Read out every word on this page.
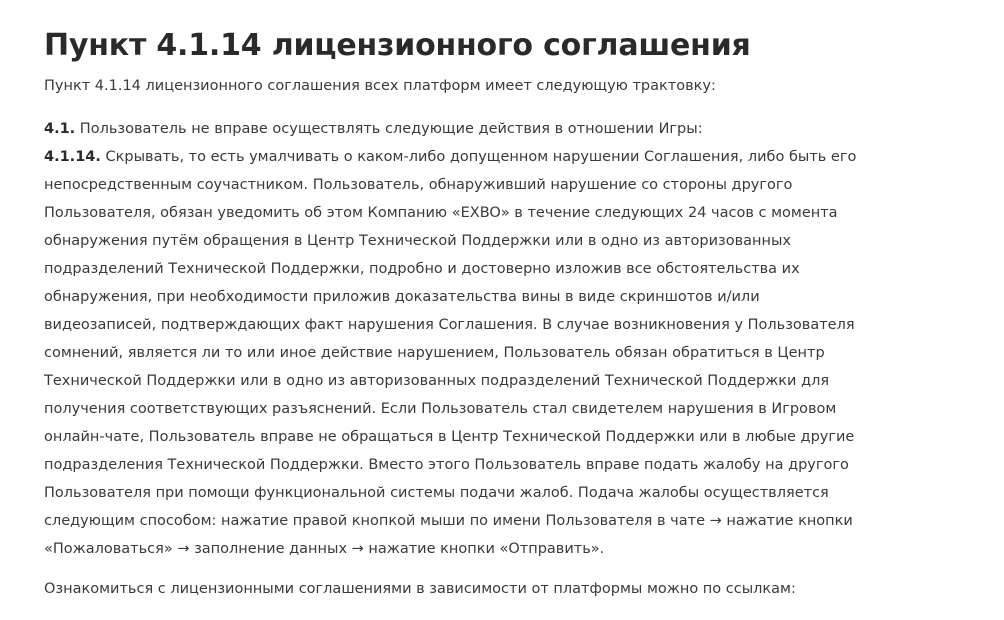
Пункт 4.1.14 лицензионного соглашения

Пункт 4.1.14 лицензионного соглашения всех платформ имеет следующую трактовку:

4.1. Пользователь не вправе осуществлять следующие действия в отношении Игры:

4.1.14. Скрывать, то есть умалчивать о каком-либо допущенном нарушении Соглашения, либо быть его непосредственным соучастником. Пользователь, обнаруживший нарушение со стороны другого Пользователя, обязан уведомить об этом Компанию «EXBO» в течение следующих 24 часов с момента обнаружения путём обращения в Центр Технической Поддержки или в одно из авторизованных подразделений Технической Поддержки, подробно и достоверно изложив все обстоятельства их обнаружения, при необходимости приложив доказательства вины в виде скриншотов и/или видеозаписей, подтверждающих факт нарушения Соглашения. В случае возникновения у Пользователя сомнений, является ли то или иное действие нарушением, Пользователь обязан обратиться в Центр Технической Поддержки или в одно из авторизованных подразделений Технической Поддержки для получения соответствующих разъяснений. Если Пользователь стал свидетелем нарушения в Игровом онлайн-чате, Пользователь вправе не обращаться в Центр Технической Поддержки или в любые другие подразделения Технической Поддержки. Вместо этого Пользователь вправе подать жалобу на другого Пользователя при помощи функциональной системы подачи жалоб. Подача жалобы осуществляется следующим способом: нажатие правой кнопкой мыши по имени Пользователя в чате → нажатие кнопки «Пожаловаться» → заполнение данных → нажатие кнопки «Отправить».

Ознакомиться с лицензионными соглашениями в зависимости от платформы можно по ссылкам:
